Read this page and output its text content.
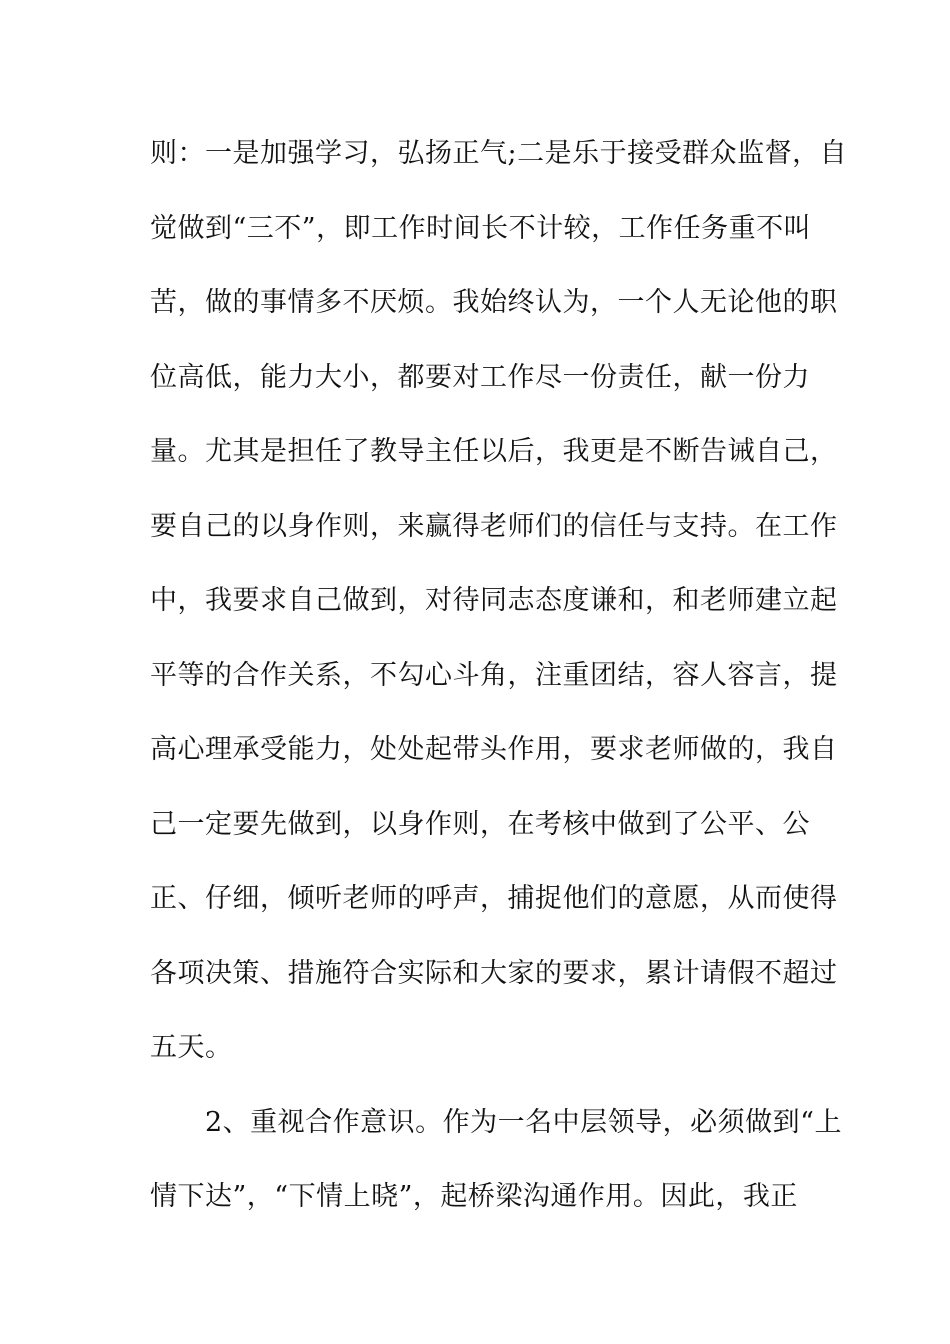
则：一是加强学习，弘扬正气;二是乐于接受群众监督，自
觉做到“三不”，即工作时间长不计较，工作任务重不叫
苦，做的事情多不厌烦。我始终认为，一个人无论他的职
位高低，能力大小，都要对工作尽一份责任，献一份力
量。尤其是担任了教导主任以后，我更是不断告诫自己，
要自己的以身作则，来赢得老师们的信任与支持。在工作
中，我要求自己做到，对待同志态度谦和，和老师建立起
平等的合作关系，不勾心斗角，注重团结，容人容言，提
高心理承受能力，处处起带头作用，要求老师做的，我自
己一定要先做到，以身作则，在考核中做到了公平、公
正、仔细，倾听老师的呼声，捕捉他们的意愿，从而使得
各项决策、措施符合实际和大家的要求，累计请假不超过
五天。
　　2、重视合作意识。作为一名中层领导，必须做到“上
情下达”，“下情上晓”，起桥梁沟通作用。因此，我正
